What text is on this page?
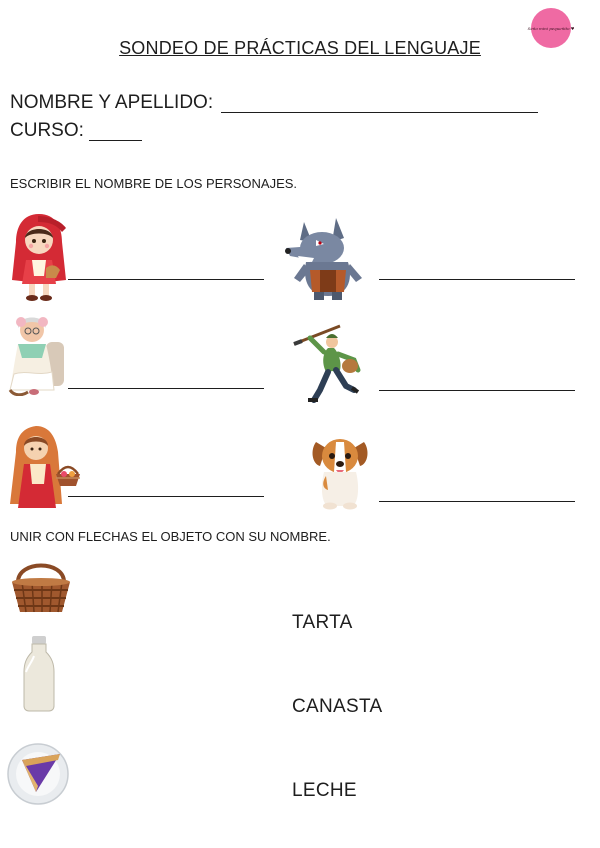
Seño mini pequeñito ♥
SONDEO DE PRÁCTICAS DEL LENGUAJE
NOMBRE Y APELLIDO:
CURSO:
ESCRIBIR EL NOMBRE DE LOS PERSONAJES.
UNIR CON FLECHAS EL OBJETO CON SU NOMBRE.
TARTA
CANASTA
LECHE
